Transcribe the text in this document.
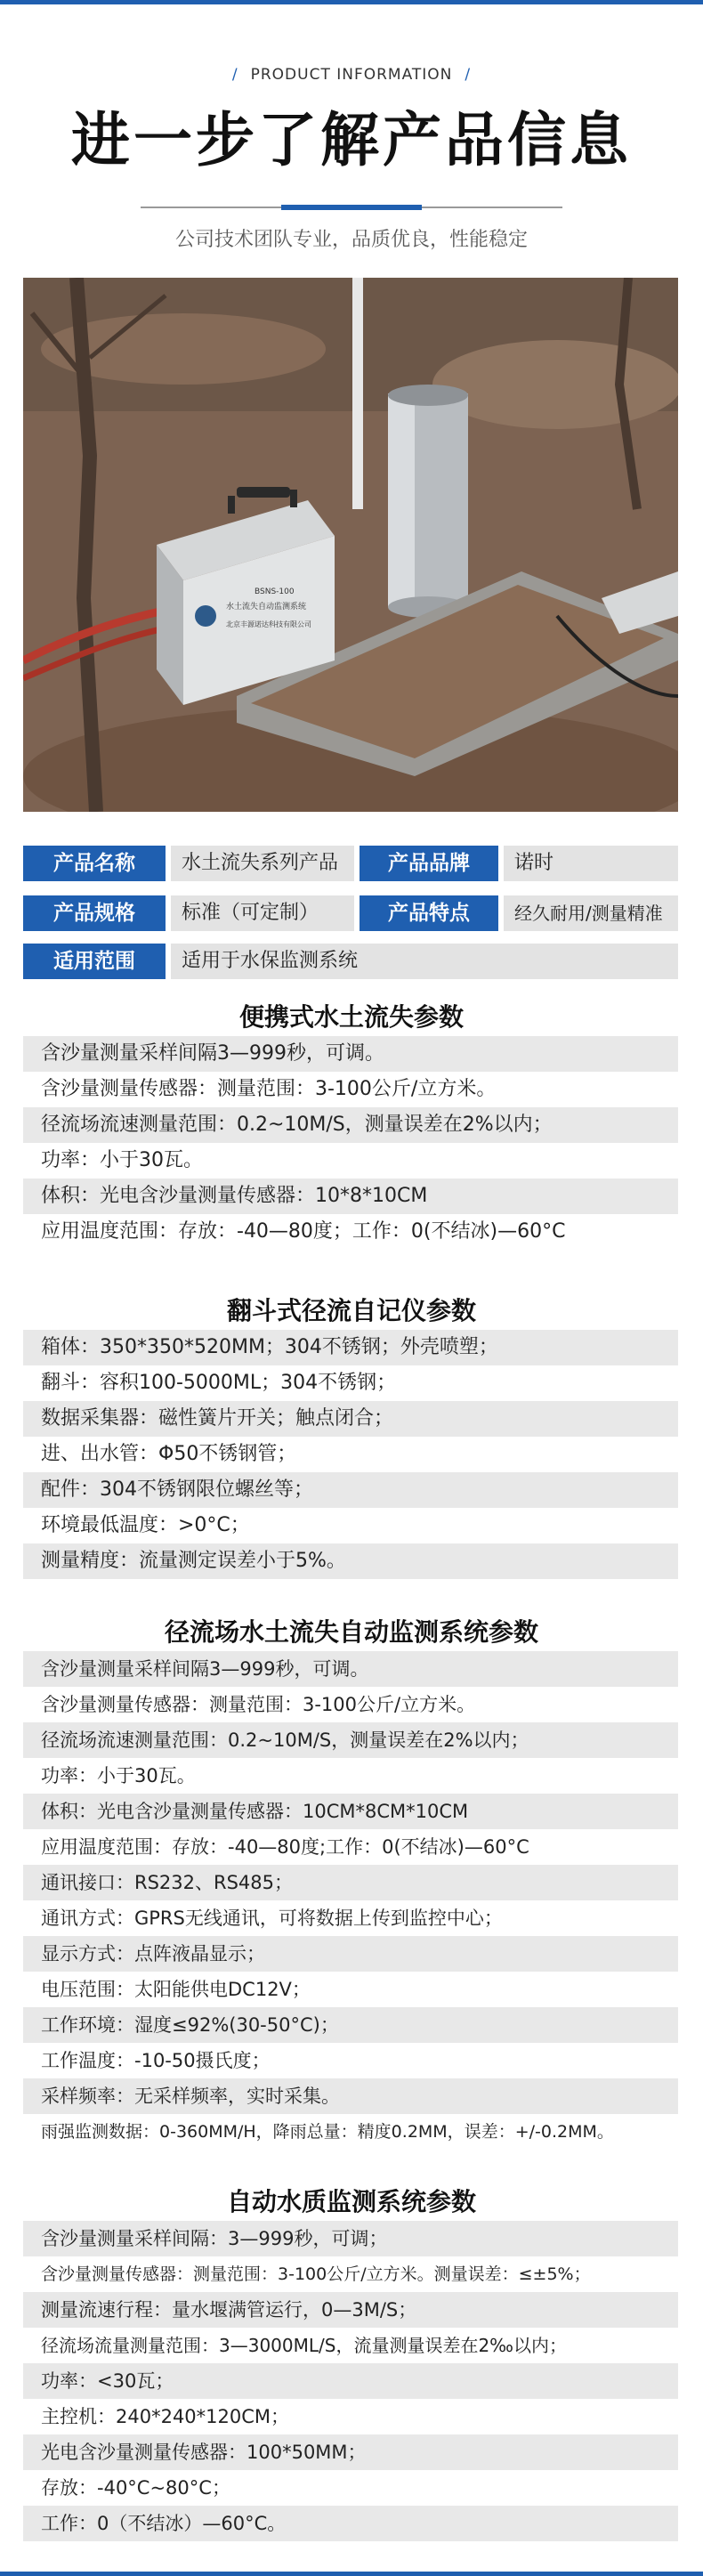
/ PRODUCT INFORMATION /
进一步了解产品信息
公司技术团队专业，品质优良，性能稳定
BSNS-100
水土流失自动监测系统
北京丰源诺达科技有限公司
产品名称	水土流失系列产品	产品品牌	诺时
产品规格	标准（可定制）	产品特点	经久耐用/测量精准
适用范围	适用于水保监测系统
便携式水土流失参数
含沙量测量采样间隔3—999秒，可调。
含沙量测量传感器：测量范围：3-100公斤/立方米。
径流场流速测量范围：0.2~10M/S，测量误差在2%以内；
功率：小于30瓦。
体积：光电含沙量测量传感器：10*8*10CM
应用温度范围：存放：-40—80度；工作：0(不结冰)—60°C
翻斗式径流自记仪参数
箱体：350*350*520MM；304不锈钢；外壳喷塑；
翻斗：容积100-5000ML；304不锈钢；
数据采集器：磁性簧片开关；触点闭合；
进、出水管：Φ50不锈钢管；
配件：304不锈钢限位螺丝等；
环境最低温度：>0°C；
测量精度：流量测定误差小于5%。
径流场水土流失自动监测系统参数
含沙量测量采样间隔3—999秒，可调。
含沙量测量传感器：测量范围：3-100公斤/立方米。
径流场流速测量范围：0.2~10M/S，测量误差在2%以内；
功率：小于30瓦。
体积：光电含沙量测量传感器：10CM*8CM*10CM
应用温度范围：存放：-40—80度;工作：0(不结冰)—60°C
通讯接口：RS232、RS485；
通讯方式：GPRS无线通讯，可将数据上传到监控中心；
显示方式：点阵液晶显示；
电压范围：太阳能供电DC12V；
工作环境：湿度≤92%(30-50°C)；
工作温度：-10-50摄氏度；
采样频率：无采样频率，实时采集。
雨强监测数据：0-360MM/H，降雨总量：精度0.2MM，误差：+/-0.2MM。
自动水质监测系统参数
含沙量测量采样间隔：3—999秒，可调；
含沙量测量传感器：测量范围：3-100公斤/立方米。测量误差：≤±5%；
测量流速行程：量水堰满管运行，0—3M/S；
径流场流量测量范围：3—3000ML/S，流量测量误差在2‰以内；
功率：<30瓦；
主控机：240*240*120CM；
光电含沙量测量传感器：100*50MM；
存放：-40°C~80°C；
工作：0（不结冰）—60°C。
